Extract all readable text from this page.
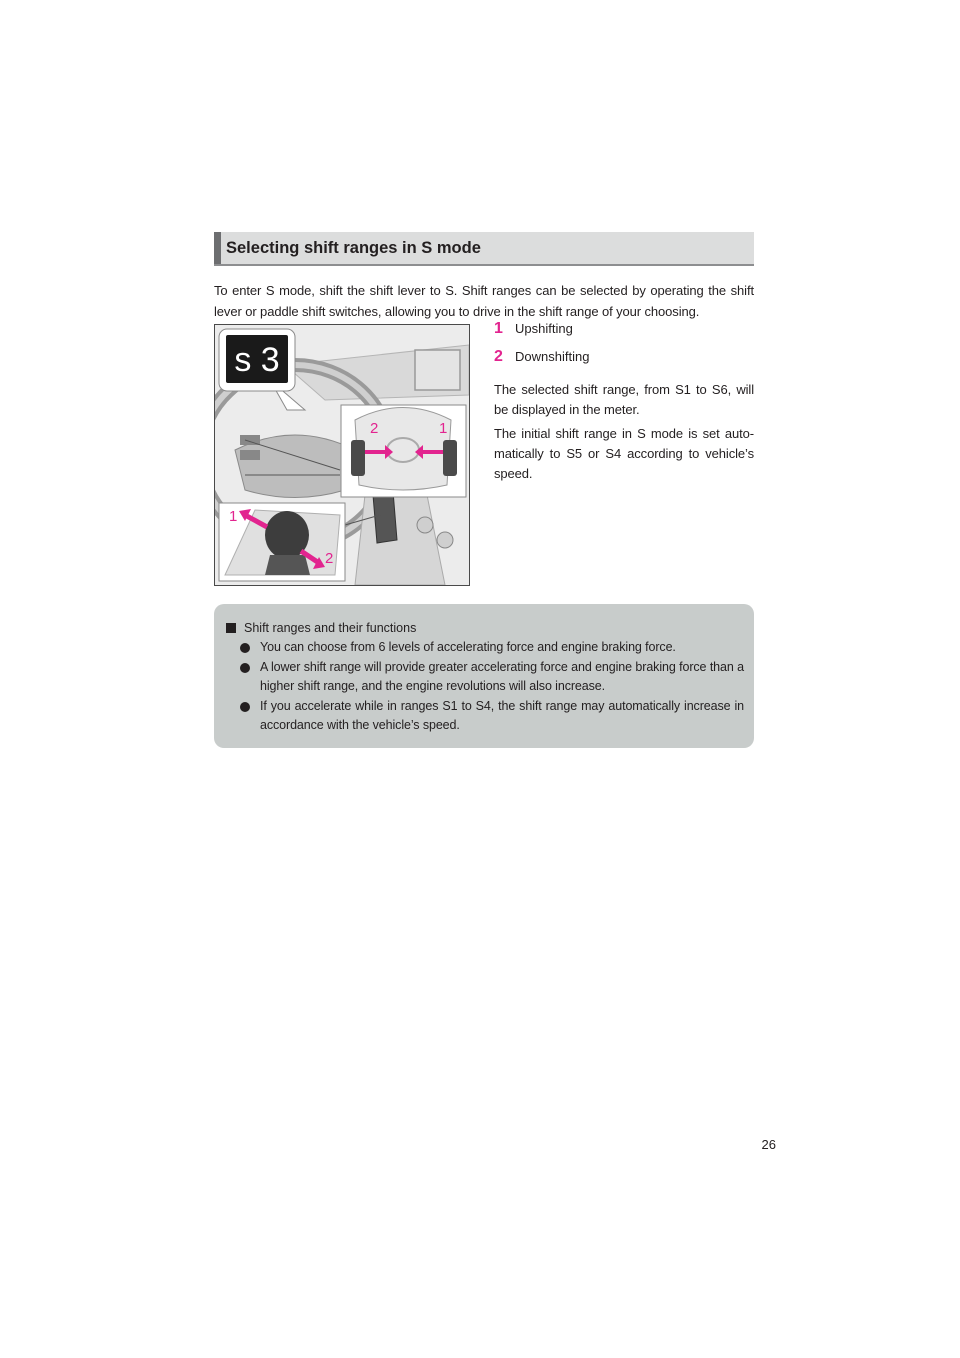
Selecting shift ranges in S mode

To enter S mode, shift the shift lever to S. Shift ranges can be selected by operating the shift lever or paddle shift switches, allowing you to drive in the shift range of your choosing.

s 3
2	1
1
2
1 Upshifting
2 Downshifting

The selected shift range, from S1 to S6, will be displayed in the meter.

The initial shift range in S mode is set auto-matically to S5 or S4 according to vehicle’s speed.

Shift ranges and their functions
You can choose from 6 levels of accelerating force and engine braking force.
A lower shift range will provide greater accelerating force and engine braking force than a higher shift range, and the engine revolutions will also increase.
If you accelerate while in ranges S1 to S4, the shift range may automatically increase in accordance with the vehicle’s speed.
26
